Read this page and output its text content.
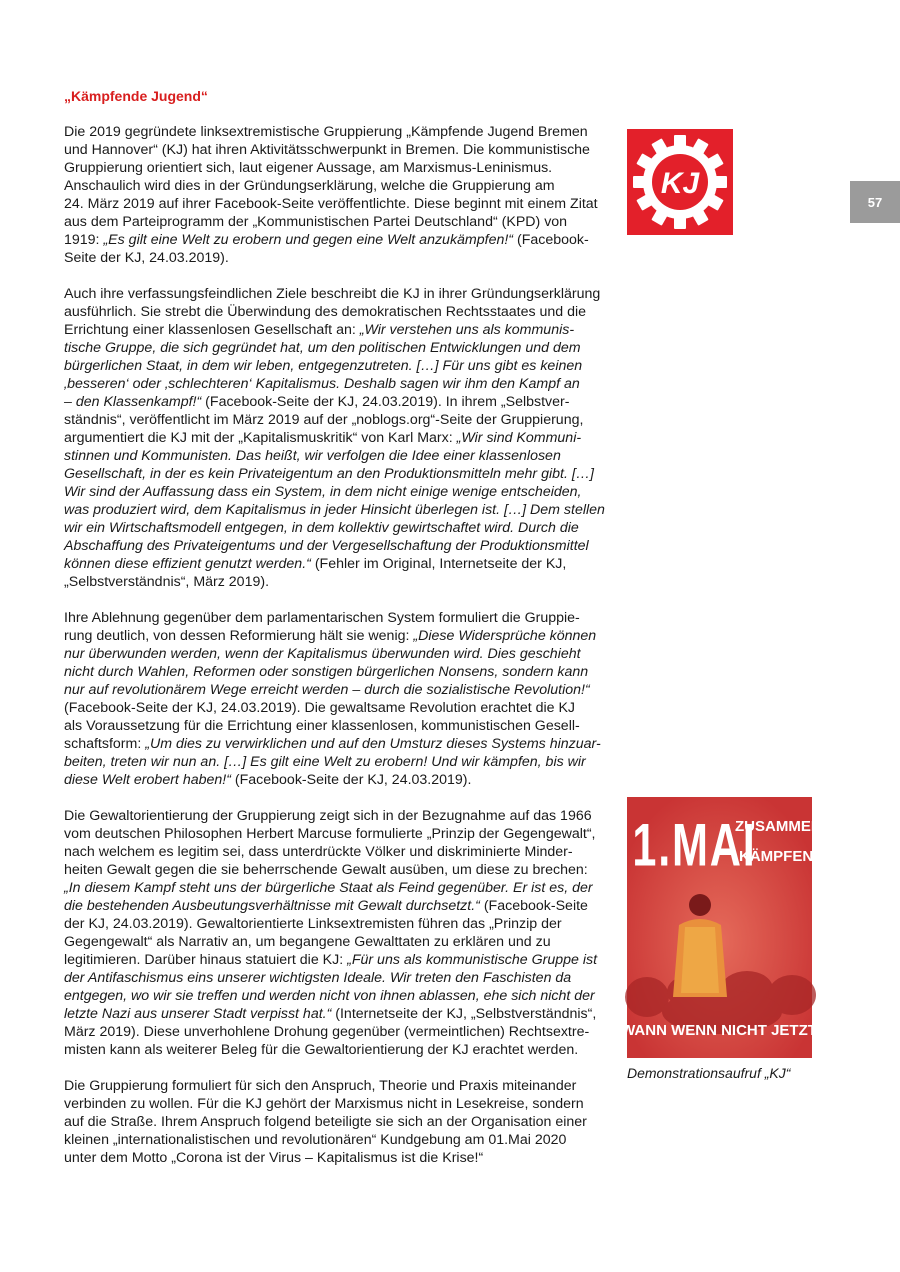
„Kämpfende Jugend“

Die 2019 gegründete linksextremistische Gruppierung „Kämpfende Jugend Bremen
und Hannover“ (KJ) hat ihren Aktivitätsschwerpunkt in Bremen. Die kommunistische
Gruppierung orientiert sich, laut eigener Aussage, am Marxismus-Leninismus.
Anschaulich wird dies in der Gründungserklärung, welche die Gruppierung am
24. März 2019 auf ihrer Facebook-Seite veröffentlichte. Diese beginnt mit einem Zitat
aus dem Parteiprogramm der „Kommunistischen Partei Deutschland“ (KPD) von
1919: „Es gilt eine Welt zu erobern und gegen eine Welt anzukämpfen!“ (Facebook-
Seite der KJ, 24.03.2019).

Auch ihre verfassungsfeindlichen Ziele beschreibt die KJ in ihrer Gründungserklärung
ausführlich. Sie strebt die Überwindung des demokratischen Rechtsstaates und die
Errichtung einer klassenlosen Gesellschaft an: „Wir verstehen uns als kommunis-
tische Gruppe, die sich gegründet hat, um den politischen Entwicklungen und dem
bürgerlichen Staat, in dem wir leben, entgegenzutreten. […] Für uns gibt es keinen
‚besseren‘ oder ‚schlechteren‘ Kapitalismus. Deshalb sagen wir ihm den Kampf an
– den Klassenkampf!“ (Facebook-Seite der KJ, 24.03.2019). In ihrem „Selbstver-
ständnis“, veröffentlicht im März 2019 auf der „noblogs.org“-Seite der Gruppierung,
argumentiert die KJ mit der „Kapitalismuskritik“ von Karl Marx: „Wir sind Kommuni-
stinnen und Kommunisten. Das heißt, wir verfolgen die Idee einer klassenlosen
Gesellschaft, in der es kein Privateigentum an den Produktionsmitteln mehr gibt. […]
Wir sind der Auffassung dass ein System, in dem nicht einige wenige entscheiden,
was produziert wird, dem Kapitalismus in jeder Hinsicht überlegen ist. […] Dem stellen
wir ein Wirtschaftsmodell entgegen, in dem kollektiv gewirtschaftet wird. Durch die
Abschaffung des Privateigentums und der Vergesellschaftung der Produktionsmittel
können diese effizient genutzt werden.“ (Fehler im Original, Internetseite der KJ,
„Selbstverständnis“, März 2019).

Ihre Ablehnung gegenüber dem parlamentarischen System formuliert die Gruppie-
rung deutlich, von dessen Reformierung hält sie wenig: „Diese Widersprüche können
nur überwunden werden, wenn der Kapitalismus überwunden wird. Dies geschieht
nicht durch Wahlen, Reformen oder sonstigen bürgerlichen Nonsens, sondern kann
nur auf revolutionärem Wege erreicht werden – durch die sozialistische Revolution!“
(Facebook-Seite der KJ, 24.03.2019). Die gewaltsame Revolution erachtet die KJ
als Voraussetzung für die Errichtung einer klassenlosen, kommunistischen Gesell-
schaftsform: „Um dies zu verwirklichen und auf den Umsturz dieses Systems hinzuar-
beiten, treten wir nun an. […] Es gilt eine Welt zu erobern! Und wir kämpfen, bis wir
diese Welt erobert haben!“ (Facebook-Seite der KJ, 24.03.2019).

Die Gewaltorientierung der Gruppierung zeigt sich in der Bezugnahme auf das 1966
vom deutschen Philosophen Herbert Marcuse formulierte „Prinzip der Gegengewalt“,
nach welchem es legitim sei, dass unterdrückte Völker und diskriminierte Minder-
heiten Gewalt gegen die sie beherrschende Gewalt ausüben, um diese zu brechen:
„In diesem Kampf steht uns der bürgerliche Staat als Feind gegenüber. Er ist es, der
die bestehenden Ausbeutungsverhältnisse mit Gewalt durchsetzt.“ (Facebook-Seite
der KJ, 24.03.2019). Gewaltorientierte Linksextremisten führen das „Prinzip der
Gegengewalt“ als Narrativ an, um begangene Gewalttaten zu erklären und zu
legitimieren. Darüber hinaus statuiert die KJ: „Für uns als kommunistische Gruppe ist
der Antifaschismus eins unserer wichtigsten Ideale. Wir treten den Faschisten da
entgegen, wo wir sie treffen und werden nicht von ihnen ablassen, ehe sich nicht der
letzte Nazi aus unserer Stadt verpisst hat.“ (Internetseite der KJ, „Selbstverständnis“,
März 2019). Diese unverhohlene Drohung gegenüber (vermeintlichen) Rechtsextre-
misten kann als weiterer Beleg für die Gewaltorientierung der KJ erachtet werden.

Die Gruppierung formuliert für sich den Anspruch, Theorie und Praxis miteinander
verbinden zu wollen. Für die KJ gehört der Marxismus nicht in Lesekreise, sondern
auf die Straße. Ihrem Anspruch folgend beteiligte sie sich an der Organisation einer
kleinen „internationalistischen und revolutionären“ Kundgebung am 01.Mai 2020
unter dem Motto „Corona ist der Virus – Kapitalismus ist die Krise!“

57
KJ
1.MAI
ZUSAMMEN
KÄMPFEN
WANN WENN NICHT JETZT
Demonstrationsaufruf „KJ“
